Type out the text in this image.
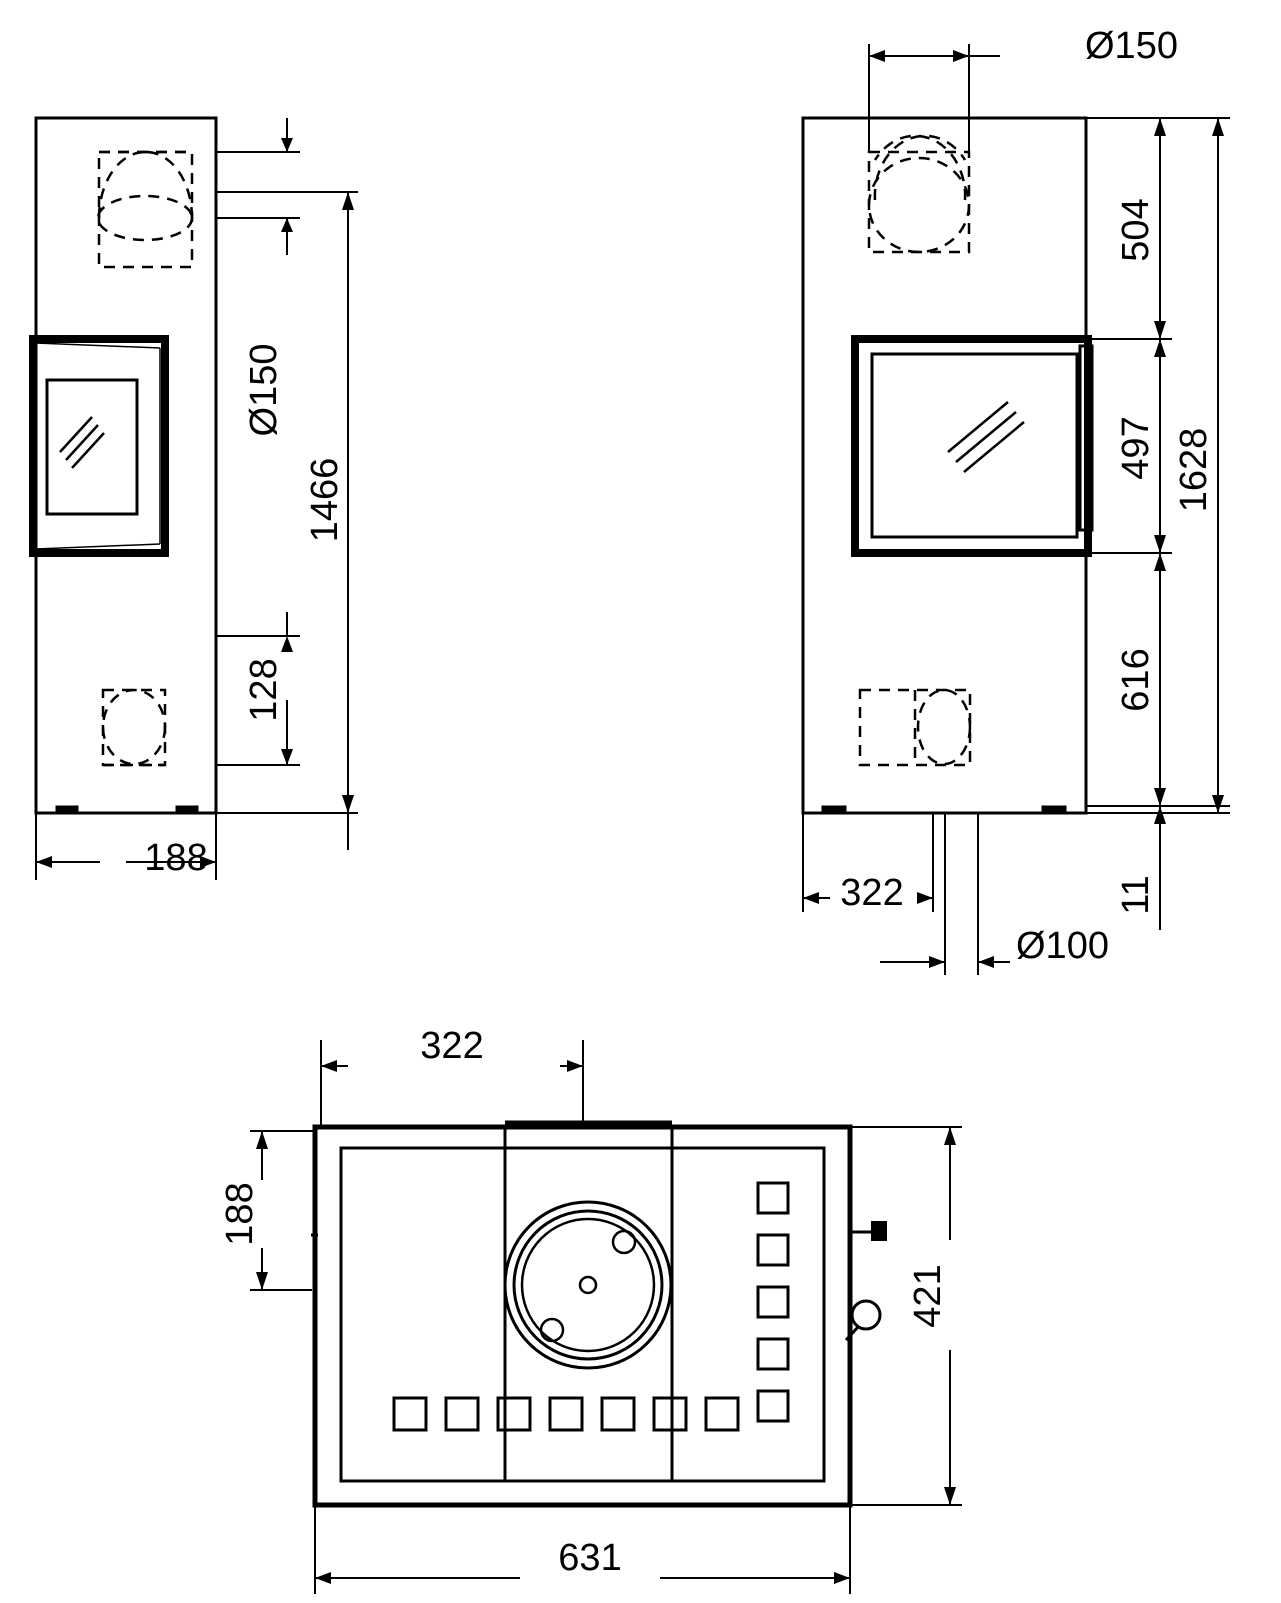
Ø150
1466
128
188
Ø150
504
497
616
1628
11
322
Ø100
322
188
421
631
